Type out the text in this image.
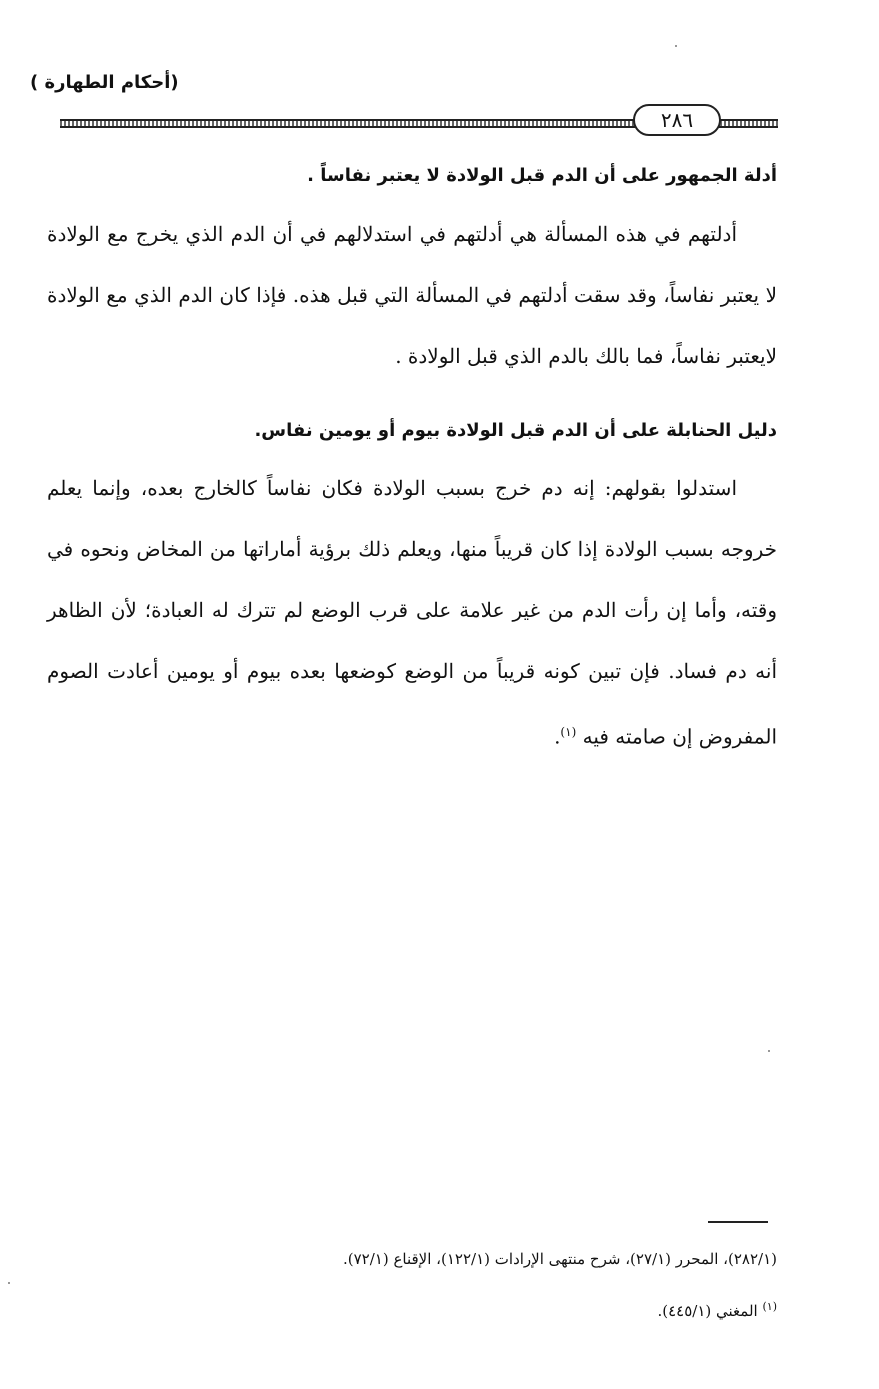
(أحكام الطهارة )
٢٨٦
أدلة الجمهور على أن الدم قبل الولادة لا يعتبر نفاساً .

أدلتهم في هذه المسألة هي أدلتهم في استدلالهم في أن الدم الذي يخرج مع الولادة لا يعتبر نفاساً، وقد سقت أدلتهم في المسألة التي قبل هذه. فإذا كان الدم الذي مع الولادة لايعتبر نفاساً، فما بالك بالدم الذي قبل الولادة .

دليل الحنابلة على أن الدم قبل الولادة بيوم أو يومين نفاس.

استدلوا بقولهم: إنه دم خرج بسبب الولادة فكان نفاساً كالخارج بعده، وإنما يعلم خروجه بسبب الولادة إذا كان قريباً منها، ويعلم ذلك برؤية أماراتها من المخاض ونحوه في وقته، وأما إن رأت الدم من غير علامة على قرب الوضع لم تترك له العبادة؛ لأن الظاهر أنه دم فساد. فإن تبين كونه قريباً من الوضع كوضعها بعده بيوم أو يومين أعادت الصوم المفروض إن صامته فيه $^{(١)}$.

(٢٨٢/١)، المحرر (٢٧/١)، شرح منتهى الإرادات (١٢٢/١)، الإقناع (٧٢/١).
$^{(١)}$ المغني (٤٤٥/١).
